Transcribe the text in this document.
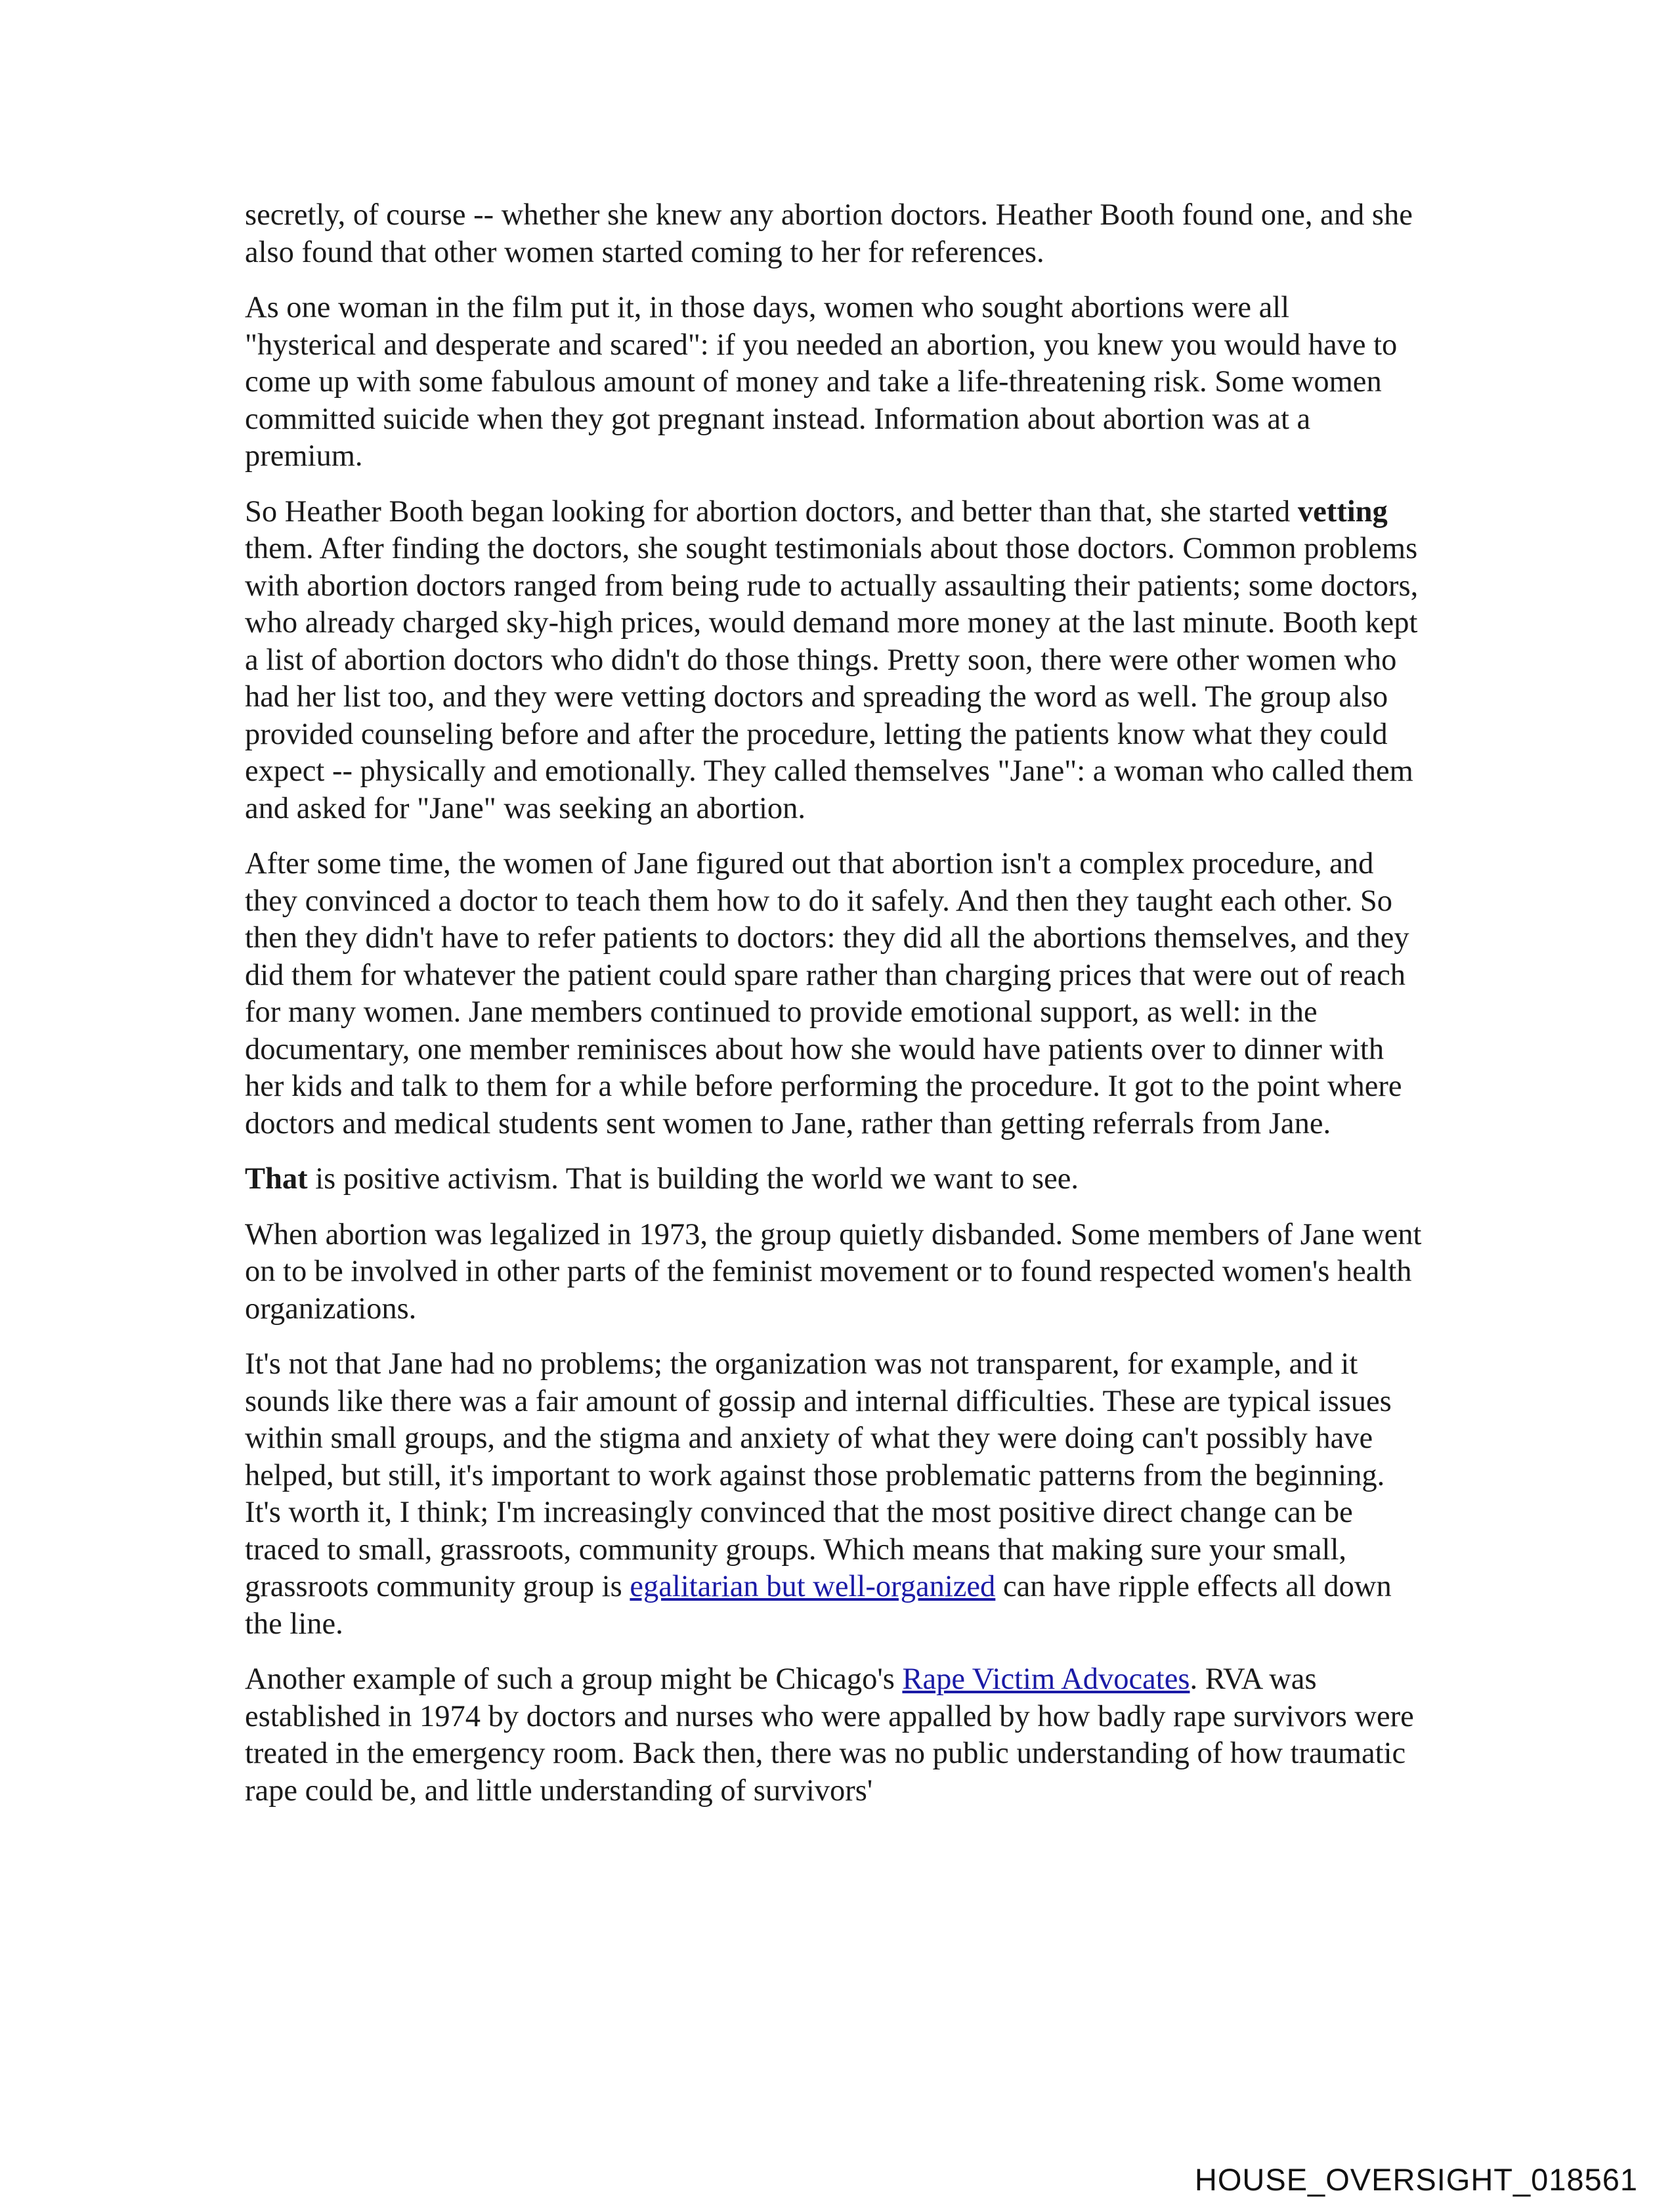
secretly, of course -- whether she knew any abortion doctors. Heather Booth found one, and she also found that other women started coming to her for references.

As one woman in the film put it, in those days, women who sought abortions were all "hysterical and desperate and scared": if you needed an abortion, you knew you would have to come up with some fabulous amount of money and take a life-threatening risk. Some women committed suicide when they got pregnant instead. Information about abortion was at a premium.

So Heather Booth began looking for abortion doctors, and better than that, she started vetting them. After finding the doctors, she sought testimonials about those doctors. Common problems with abortion doctors ranged from being rude to actually assaulting their patients; some doctors, who already charged sky-high prices, would demand more money at the last minute. Booth kept a list of abortion doctors who didn't do those things. Pretty soon, there were other women who had her list too, and they were vetting doctors and spreading the word as well. The group also provided counseling before and after the procedure, letting the patients know what they could expect -- physically and emotionally. They called themselves "Jane": a woman who called them and asked for "Jane" was seeking an abortion.

After some time, the women of Jane figured out that abortion isn't a complex procedure, and they convinced a doctor to teach them how to do it safely. And then they taught each other. So then they didn't have to refer patients to doctors: they did all the abortions themselves, and they did them for whatever the patient could spare rather than charging prices that were out of reach for many women. Jane members continued to provide emotional support, as well: in the documentary, one member reminisces about how she would have patients over to dinner with her kids and talk to them for a while before performing the procedure. It got to the point where doctors and medical students sent women to Jane, rather than getting referrals from Jane.

That is positive activism. That is building the world we want to see.

When abortion was legalized in 1973, the group quietly disbanded. Some members of Jane went on to be involved in other parts of the feminist movement or to found respected women's health organizations.

It's not that Jane had no problems; the organization was not transparent, for example, and it sounds like there was a fair amount of gossip and internal difficulties. These are typical issues within small groups, and the stigma and anxiety of what they were doing can't possibly have helped, but still, it's important to work against those problematic patterns from the beginning. It's worth it, I think; I'm increasingly convinced that the most positive direct change can be traced to small, grassroots, community groups. Which means that making sure your small, grassroots community group is egalitarian but well-organized can have ripple effects all down the line.

Another example of such a group might be Chicago's Rape Victim Advocates. RVA was established in 1974 by doctors and nurses who were appalled by how badly rape survivors were treated in the emergency room. Back then, there was no public understanding of how traumatic rape could be, and little understanding of survivors'

HOUSE_OVERSIGHT_018561
